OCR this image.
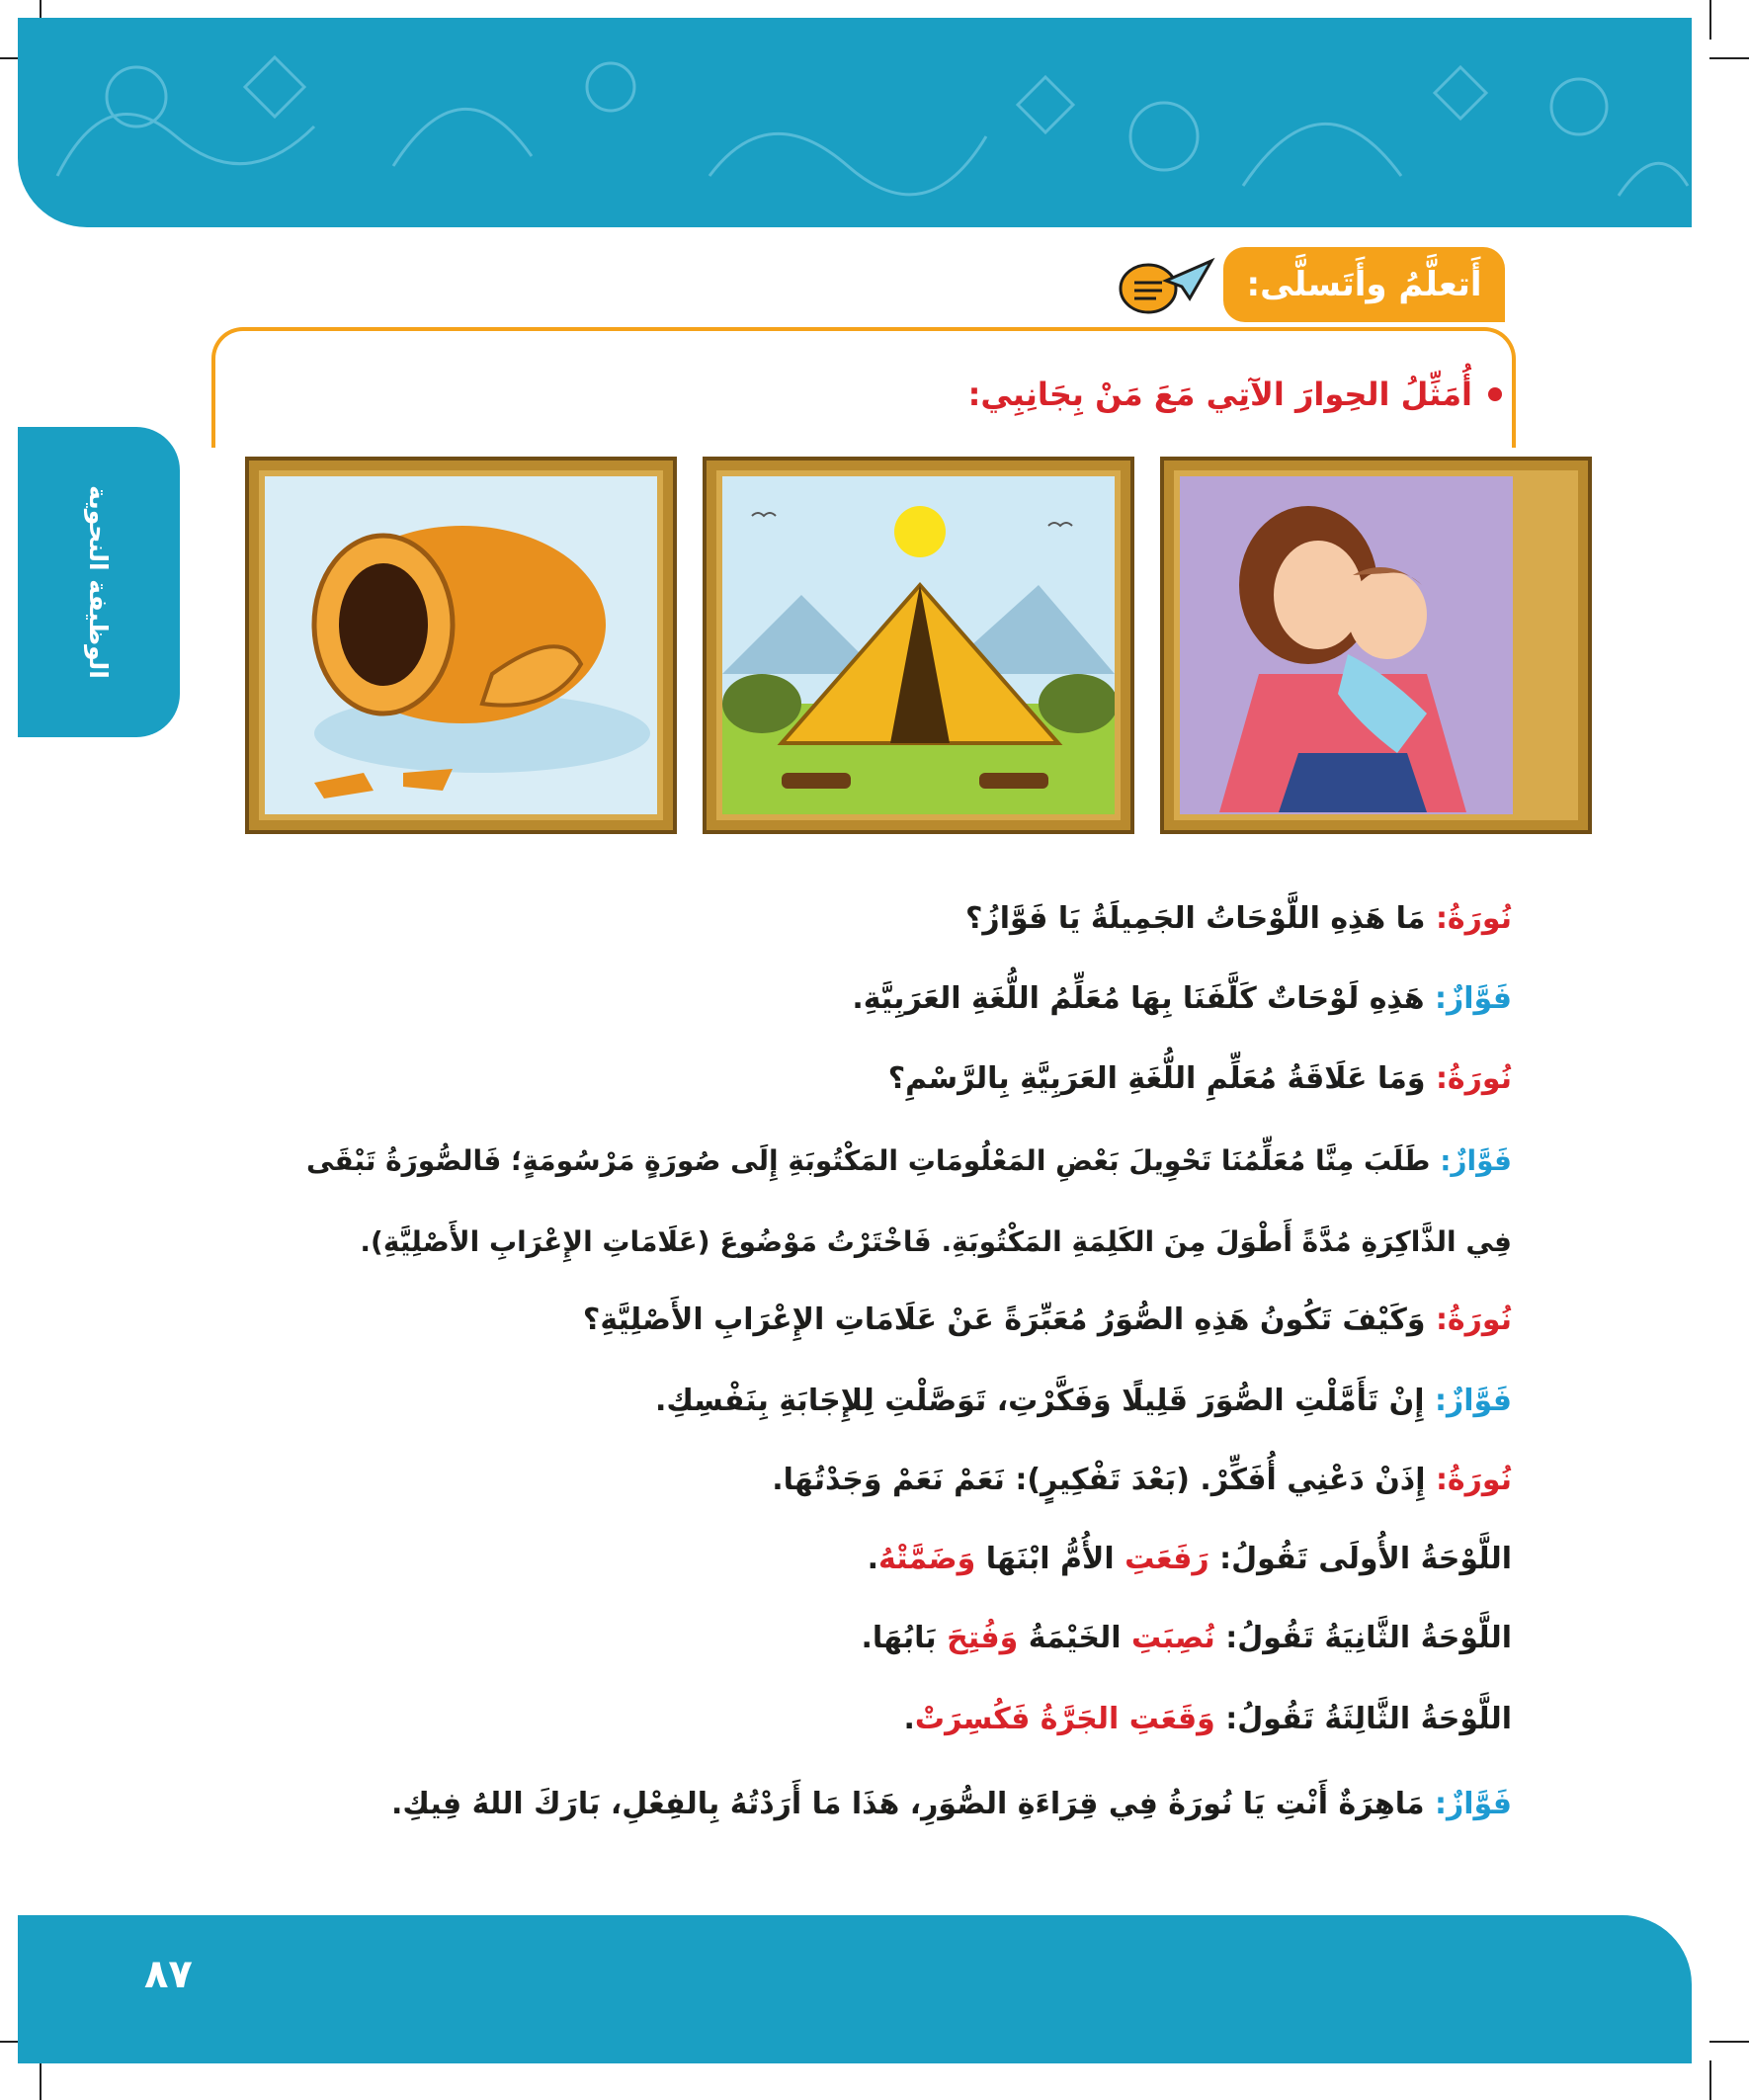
الوظيفة النحوية
أَتعلَّمُ وأَتَسلَّى:
أُمَثِّلُ الحِوارَ الآتِي مَعَ مَنْ بِجَانِبِي:
نُورَةُ: مَا هَذِهِ اللَّوْحَاتُ الجَمِيلَةُ يَا فَوَّازُ؟
فَوَّازٌ: هَذِهِ لَوْحَاتٌ كَلَّفَنَا بِهَا مُعَلِّمُ اللُّغَةِ العَرَبِيَّةِ.
نُورَةُ: وَمَا عَلَاقَةُ مُعَلِّمِ اللُّغَةِ العَرَبِيَّةِ بِالرَّسْمِ؟
فَوَّازٌ: طَلَبَ مِنَّا مُعَلِّمُنَا تَحْوِيلَ بَعْضِ المَعْلُومَاتِ المَكْتُوبَةِ إِلَى صُورَةٍ مَرْسُومَةٍ؛ فَالصُّورَةُ تَبْقَى
فِي الذَّاكِرَةِ مُدَّةً أَطْوَلَ مِنَ الكَلِمَةِ المَكْتُوبَةِ. فَاخْتَرْتُ مَوْضُوعَ (عَلَامَاتِ الإِعْرَابِ الأَصْلِيَّةِ).
نُورَةُ: وَكَيْفَ تَكُونُ هَذِهِ الصُّوَرُ مُعَبِّرَةً عَنْ عَلَامَاتِ الإِعْرَابِ الأَصْلِيَّةِ؟
فَوَّازٌ: إِنْ تَأَمَّلْتِ الصُّوَرَ قَلِيلًا وَفَكَّرْتِ، تَوَصَّلْتِ لِلإِجَابَةِ بِنَفْسِكِ.
نُورَةُ: إِذَنْ دَعْنِي أُفَكِّرْ. (بَعْدَ تَفْكِيرٍ): نَعَمْ نَعَمْ وَجَدْتُهَا.
اللَّوْحَةُ الأُولَى تَقُولُ: رَفَعَتِ الأُمُّ ابْنَهَا وَضَمَّتْهُ.
اللَّوْحَةُ الثَّانِيَةُ تَقُولُ: نُصِبَتِ الخَيْمَةُ وَفُتِحَ بَابُهَا.
اللَّوْحَةُ الثَّالِثَةُ تَقُولُ: وَقَعَتِ الجَرَّةُ فَكُسِرَتْ.
فَوَّازٌ: مَاهِرَةٌ أَنْتِ يَا نُورَةُ فِي قِرَاءَةِ الصُّوَرِ، هَذَا مَا أَرَدْتُهُ بِالفِعْلِ، بَارَكَ اللهُ فِيكِ.
٨٧
